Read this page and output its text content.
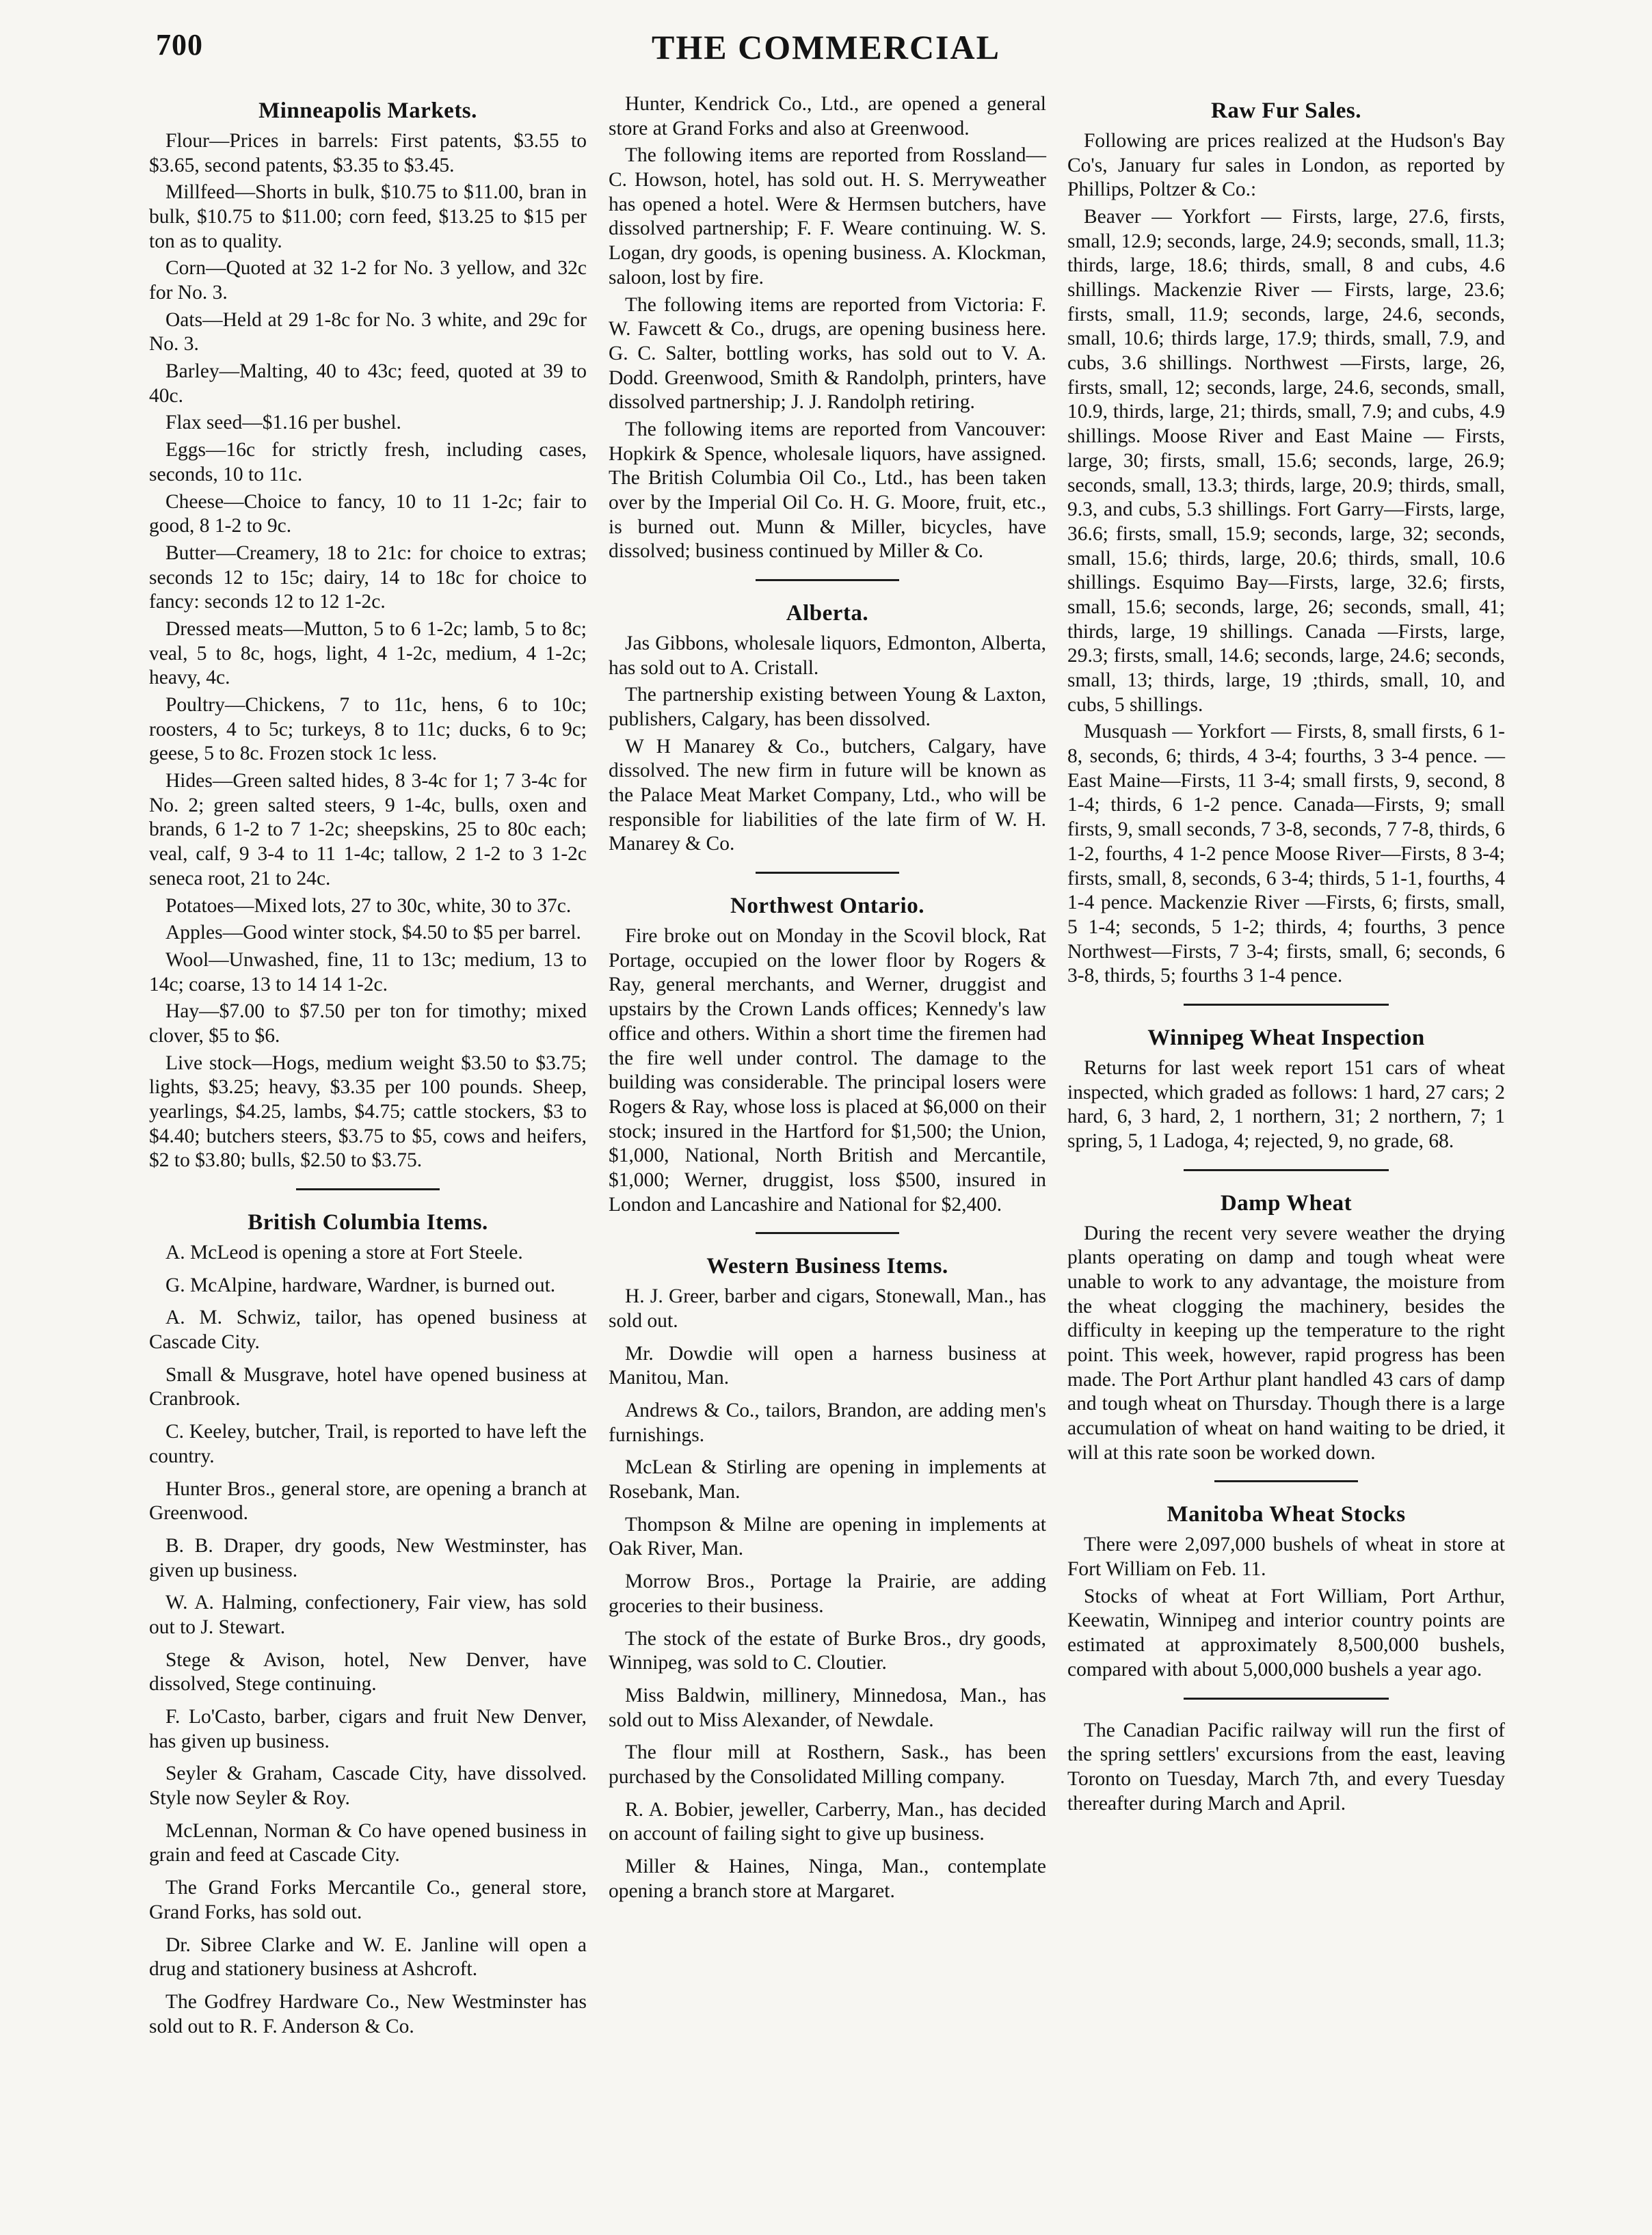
700	THE COMMERCIAL
Minneapolis Markets.

Flour—Prices in barrels: First patents, $3.55 to $3.65, second patents, $3.35 to $3.45.

Millfeed—Shorts in bulk, $10.75 to $11.00, bran in bulk, $10.75 to $11.00; corn feed, $13.25 to $15 per ton as to quality.

Corn—Quoted at 32 1-2 for No. 3 yellow, and 32c for No. 3.

Oats—Held at 29 1-8c for No. 3 white, and 29c for No. 3.

Barley—Malting, 40 to 43c; feed, quoted at 39 to 40c.

Flax seed—$1.16 per bushel.

Eggs—16c for strictly fresh, including cases, seconds, 10 to 11c.

Cheese—Choice to fancy, 10 to 11 1-2c; fair to good, 8 1-2 to 9c.

Butter—Creamery, 18 to 21c: for choice to extras; seconds 12 to 15c; dairy, 14 to 18c for choice to fancy: seconds 12 to 12 1-2c.

Dressed meats—Mutton, 5 to 6 1-2c; lamb, 5 to 8c; veal, 5 to 8c, hogs, light, 4 1-2c, medium, 4 1-2c; heavy, 4c.

Poultry—Chickens, 7 to 11c, hens, 6 to 10c; roosters, 4 to 5c; turkeys, 8 to 11c; ducks, 6 to 9c; geese, 5 to 8c. Frozen stock 1c less.

Hides—Green salted hides, 8 3-4c for 1; 7 3-4c for No. 2; green salted steers, 9 1-4c, bulls, oxen and brands, 6 1-2 to 7 1-2c; sheepskins, 25 to 80c each; veal, calf, 9 3-4 to 11 1-4c; tallow, 2 1-2 to 3 1-2c seneca root, 21 to 24c.

Potatoes—Mixed lots, 27 to 30c, white, 30 to 37c.

Apples—Good winter stock, $4.50 to $5 per barrel.

Wool—Unwashed, fine, 11 to 13c; medium, 13 to 14c; coarse, 13 to 14 14 1-2c.

Hay—$7.00 to $7.50 per ton for timothy; mixed clover, $5 to $6.

Live stock—Hogs, medium weight $3.50 to $3.75; lights, $3.25; heavy, $3.35 per 100 pounds. Sheep, yearlings, $4.25, lambs, $4.75; cattle stockers, $3 to $4.40; butchers steers, $3.75 to $5, cows and heifers, $2 to $3.80; bulls, $2.50 to $3.75.

British Columbia Items.

A. McLeod is opening a store at Fort Steele.

G. McAlpine, hardware, Wardner, is burned out.

A. M. Schwiz, tailor, has opened business at Cascade City.

Small & Musgrave, hotel have opened business at Cranbrook.

C. Keeley, butcher, Trail, is reported to have left the country.

Hunter Bros., general store, are opening a branch at Greenwood.

B. B. Draper, dry goods, New Westminster, has given up business.

W. A. Halming, confectionery, Fair view, has sold out to J. Stewart.

Stege & Avison, hotel, New Denver, have dissolved, Stege continuing.

F. Lo'Casto, barber, cigars and fruit New Denver, has given up business.

Seyler & Graham, Cascade City, have dissolved. Style now Seyler & Roy.

McLennan, Norman & Co have opened business in grain and feed at Cascade City.

The Grand Forks Mercantile Co., general store, Grand Forks, has sold out.

Dr. Sibree Clarke and W. E. Janline will open a drug and stationery business at Ashcroft.

The Godfrey Hardware Co., New Westminster has sold out to R. F. Anderson & Co.

Hunter, Kendrick Co., Ltd., are opened a general store at Grand Forks and also at Greenwood.

The following items are reported from Rossland—C. Howson, hotel, has sold out. H. S. Merryweather has opened a hotel. Were & Hermsen butchers, have dissolved partnership; F. F. Weare continuing. W. S. Logan, dry goods, is opening business. A. Klockman, saloon, lost by fire.

The following items are reported from Victoria: F. W. Fawcett & Co., drugs, are opening business here. G. C. Salter, bottling works, has sold out to V. A. Dodd. Greenwood, Smith & Randolph, printers, have dissolved partnership; J. J. Randolph retiring.

The following items are reported from Vancouver: Hopkirk & Spence, wholesale liquors, have assigned. The British Columbia Oil Co., Ltd., has been taken over by the Imperial Oil Co. H. G. Moore, fruit, etc., is burned out. Munn & Miller, bicycles, have dissolved; business continued by Miller & Co.

Alberta.

Jas Gibbons, wholesale liquors, Edmonton, Alberta, has sold out to A. Cristall.

The partnership existing between Young & Laxton, publishers, Calgary, has been dissolved.

W H Manarey & Co., butchers, Calgary, have dissolved. The new firm in future will be known as the Palace Meat Market Company, Ltd., who will be responsible for liabilities of the late firm of W. H. Manarey & Co.

Northwest Ontario.

Fire broke out on Monday in the Scovil block, Rat Portage, occupied on the lower floor by Rogers & Ray, general merchants, and Werner, druggist and upstairs by the Crown Lands offices; Kennedy's law office and others. Within a short time the firemen had the fire well under control. The damage to the building was considerable. The principal losers were Rogers & Ray, whose loss is placed at $6,000 on their stock; insured in the Hartford for $1,500; the Union, $1,000, National, North British and Mercantile, $1,000; Werner, druggist, loss $500, insured in London and Lancashire and National for $2,400.

Western Business Items.

H. J. Greer, barber and cigars, Stonewall, Man., has sold out.

Mr. Dowdie will open a harness business at Manitou, Man.

Andrews & Co., tailors, Brandon, are adding men's furnishings.

McLean & Stirling are opening in implements at Rosebank, Man.

Thompson & Milne are opening in implements at Oak River, Man.

Morrow Bros., Portage la Prairie, are adding groceries to their business.

The stock of the estate of Burke Bros., dry goods, Winnipeg, was sold to C. Cloutier.

Miss Baldwin, millinery, Minnedosa, Man., has sold out to Miss Alexander, of Newdale.

The flour mill at Rosthern, Sask., has been purchased by the Consolidated Milling company.

R. A. Bobier, jeweller, Carberry, Man., has decided on account of failing sight to give up business.

Miller & Haines, Ninga, Man., contemplate opening a branch store at Margaret.

Raw Fur Sales.

Following are prices realized at the Hudson's Bay Co's, January fur sales in London, as reported by Phillips, Poltzer & Co.:

Beaver — Yorkfort — Firsts, large, 27.6, firsts, small, 12.9; seconds, large, 24.9; seconds, small, 11.3; thirds, large, 18.6; thirds, small, 8 and cubs, 4.6 shillings. Mackenzie River — Firsts, large, 23.6; firsts, small, 11.9; seconds, large, 24.6, seconds, small, 10.6; thirds large, 17.9; thirds, small, 7.9, and cubs, 3.6 shillings. Northwest —Firsts, large, 26, firsts, small, 12; seconds, large, 24.6, seconds, small, 10.9, thirds, large, 21; thirds, small, 7.9; and cubs, 4.9 shillings. Moose River and East Maine — Firsts, large, 30; firsts, small, 15.6; seconds, large, 26.9; seconds, small, 13.3; thirds, large, 20.9; thirds, small, 9.3, and cubs, 5.3 shillings. Fort Garry—Firsts, large, 36.6; firsts, small, 15.9; seconds, large, 32; seconds, small, 15.6; thirds, large, 20.6; thirds, small, 10.6 shillings. Esquimo Bay—Firsts, large, 32.6; firsts, small, 15.6; seconds, large, 26; seconds, small, 41; thirds, large, 19 shillings. Canada —Firsts, large, 29.3; firsts, small, 14.6; seconds, large, 24.6; seconds, small, 13; thirds, large, 19 ;thirds, small, 10, and cubs, 5 shillings.

Musquash — Yorkfort — Firsts, 8, small firsts, 6 1-8, seconds, 6; thirds, 4 3-4; fourths, 3 3-4 pence. — East Maine—Firsts, 11 3-4; small firsts, 9, second, 8 1-4; thirds, 6 1-2 pence. Canada—Firsts, 9; small firsts, 9, small seconds, 7 3-8, seconds, 7 7-8, thirds, 6 1-2, fourths, 4 1-2 pence Moose River—Firsts, 8 3-4; firsts, small, 8, seconds, 6 3-4; thirds, 5 1-1, fourths, 4 1-4 pence. Mackenzie River —Firsts, 6; firsts, small, 5 1-4; seconds, 5 1-2; thirds, 4; fourths, 3 pence Northwest—Firsts, 7 3-4; firsts, small, 6; seconds, 6 3-8, thirds, 5; fourths 3 1-4 pence.

Winnipeg Wheat Inspection

Returns for last week report 151 cars of wheat inspected, which graded as follows: 1 hard, 27 cars; 2 hard, 6, 3 hard, 2, 1 northern, 31; 2 northern, 7; 1 spring, 5, 1 Ladoga, 4; rejected, 9, no grade, 68.

Damp Wheat

During the recent very severe weather the drying plants operating on damp and tough wheat were unable to work to any advantage, the moisture from the wheat clogging the machinery, besides the difficulty in keeping up the temperature to the right point. This week, however, rapid progress has been made. The Port Arthur plant handled 43 cars of damp and tough wheat on Thursday. Though there is a large accumulation of wheat on hand waiting to be dried, it will at this rate soon be worked down.

Manitoba Wheat Stocks

There were 2,097,000 bushels of wheat in store at Fort William on Feb. 11.

Stocks of wheat at Fort William, Port Arthur, Keewatin, Winnipeg and interior country points are estimated at approximately 8,500,000 bushels, compared with about 5,000,000 bushels a year ago.

The Canadian Pacific railway will run the first of the spring settlers' excursions from the east, leaving Toronto on Tuesday, March 7th, and every Tuesday thereafter during March and April.
